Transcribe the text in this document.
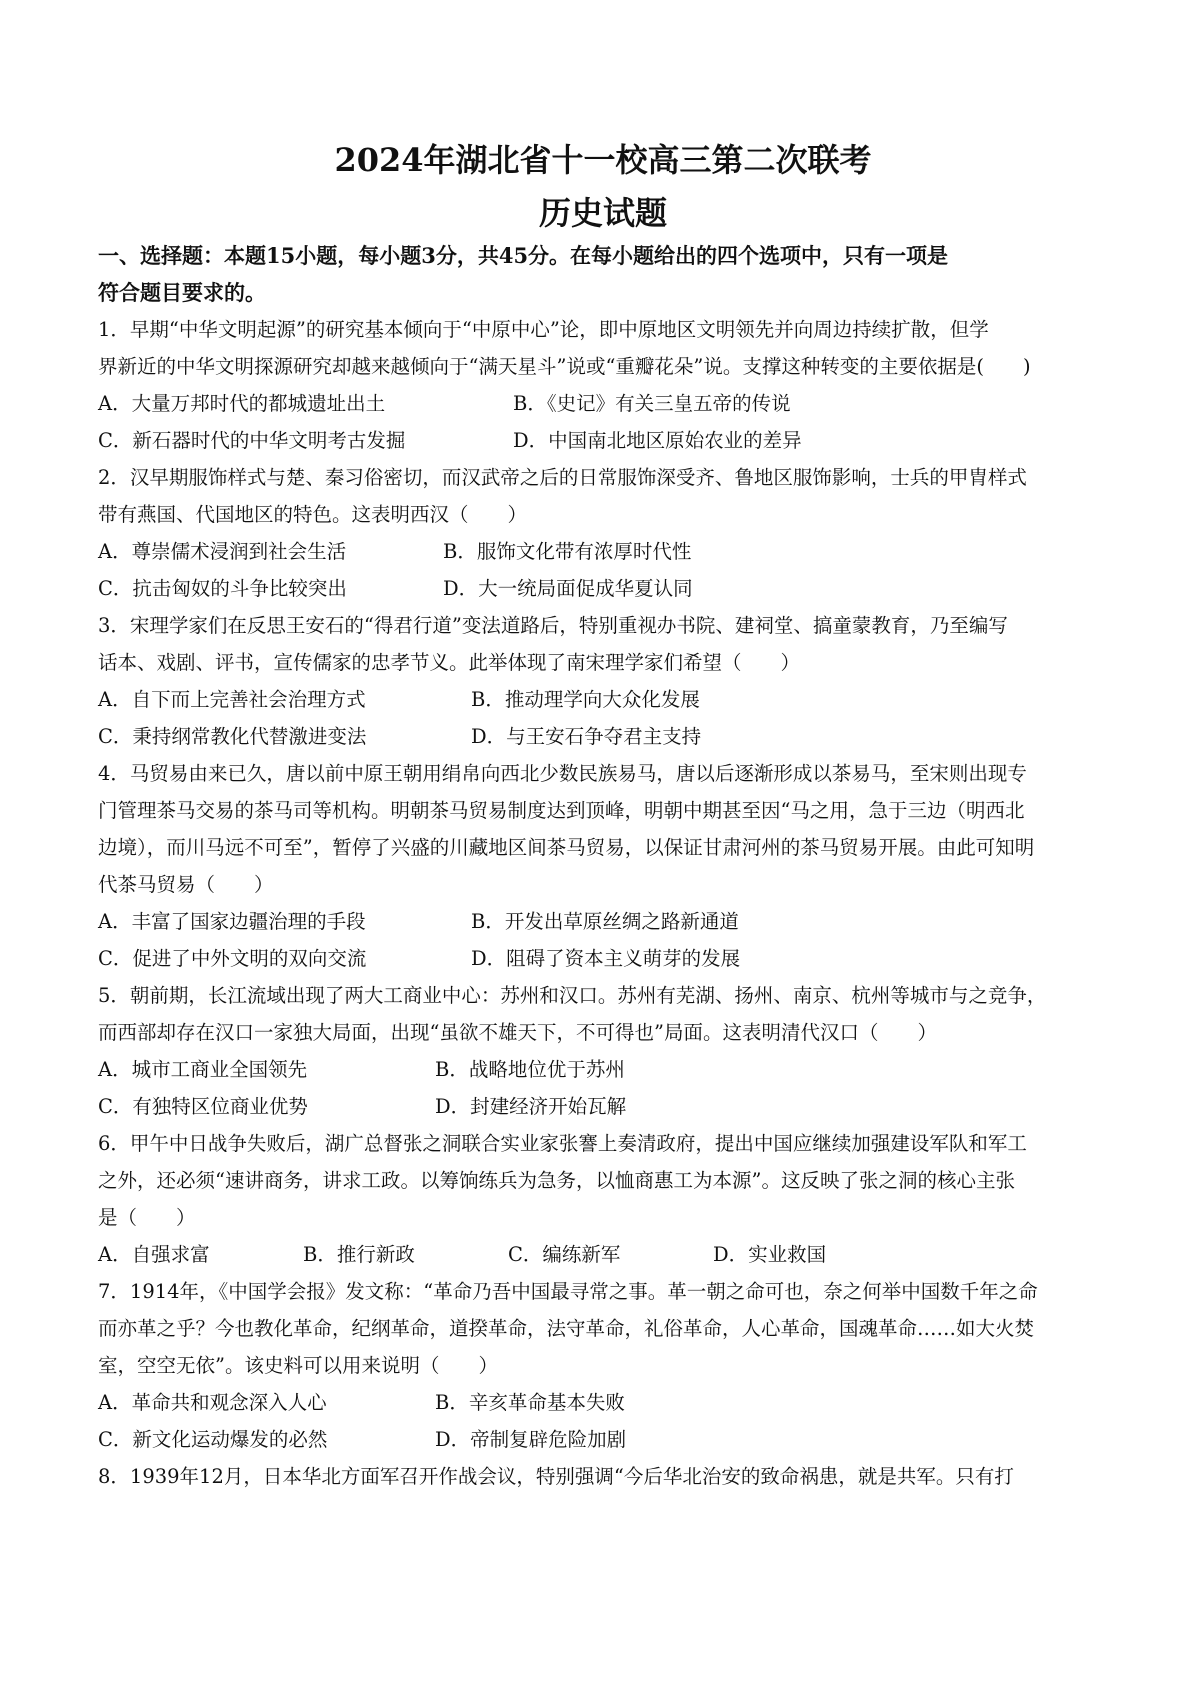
2024年湖北省十一校高三第二次联考
历史试题
一、选择题：本题15小题，每小题3分，共45分。在每小题给出的四个选项中，只有一项是
符合题目要求的。
1．早期“中华文明起源”的研究基本倾向于“中原中心”论，即中原地区文明领先并向周边持续扩散，但学
界新近的中华文明探源研究却越来越倾向于“满天星斗”说或“重瓣花朵”说。支撑这种转变的主要依据是(　　)
A．大量万邦时代的都城遗址出土	B．《史记》有关三皇五帝的传说
C．新石器时代的中华文明考古发掘	D．中国南北地区原始农业的差异
2．汉早期服饰样式与楚、秦习俗密切，而汉武帝之后的日常服饰深受齐、鲁地区服饰影响，士兵的甲胄样式
带有燕国、代国地区的特色。这表明西汉（　　）
A．尊崇儒术浸润到社会生活	B．服饰文化带有浓厚时代性
C．抗击匈奴的斗争比较突出	D．大一统局面促成华夏认同
3．宋理学家们在反思王安石的“得君行道”变法道路后，特别重视办书院、建祠堂、搞童蒙教育，乃至编写
话本、戏剧、评书，宣传儒家的忠孝节义。此举体现了南宋理学家们希望（　　）
A．自下而上完善社会治理方式	B．推动理学向大众化发展
C．秉持纲常教化代替激进变法	D．与王安石争夺君主支持
4．马贸易由来已久，唐以前中原王朝用绢帛向西北少数民族易马，唐以后逐渐形成以茶易马，至宋则出现专
门管理茶马交易的茶马司等机构。明朝茶马贸易制度达到顶峰，明朝中期甚至因“马之用，急于三边（明西北
边境），而川马远不可至”，暂停了兴盛的川藏地区间茶马贸易，以保证甘肃河州的茶马贸易开展。由此可知明
代茶马贸易（　　）
A．丰富了国家边疆治理的手段	B．开发出草原丝绸之路新通道
C．促进了中外文明的双向交流	D．阻碍了资本主义萌芽的发展
5．朝前期，长江流域出现了两大工商业中心：苏州和汉口。苏州有芜湖、扬州、南京、杭州等城市与之竞争，
而西部却存在汉口一家独大局面，出现“虽欲不雄天下，不可得也”局面。这表明清代汉口（　　）
A．城市工商业全国领先	B．战略地位优于苏州
C．有独特区位商业优势	D．封建经济开始瓦解
6．甲午中日战争失败后，湖广总督张之洞联合实业家张謇上奏清政府，提出中国应继续加强建设军队和军工
之外，还必须“速讲商务，讲求工政。以筹饷练兵为急务，以恤商惠工为本源”。这反映了张之洞的核心主张
是（　　）
A．自强求富	B．推行新政	C．编练新军	D．实业救国
7．1914年，《中国学会报》发文称：“革命乃吾中国最寻常之事。革一朝之命可也，奈之何举中国数千年之命
而亦革之乎？今也教化革命，纪纲革命，道揆革命，法守革命，礼俗革命，人心革命，国魂革命……如大火焚
室，空空无依”。该史料可以用来说明（　　）
A．革命共和观念深入人心	B．辛亥革命基本失败
C．新文化运动爆发的必然	D．帝制复辟危险加剧
8．1939年12月，日本华北方面军召开作战会议，特别强调“今后华北治安的致命祸患，就是共军。只有打
